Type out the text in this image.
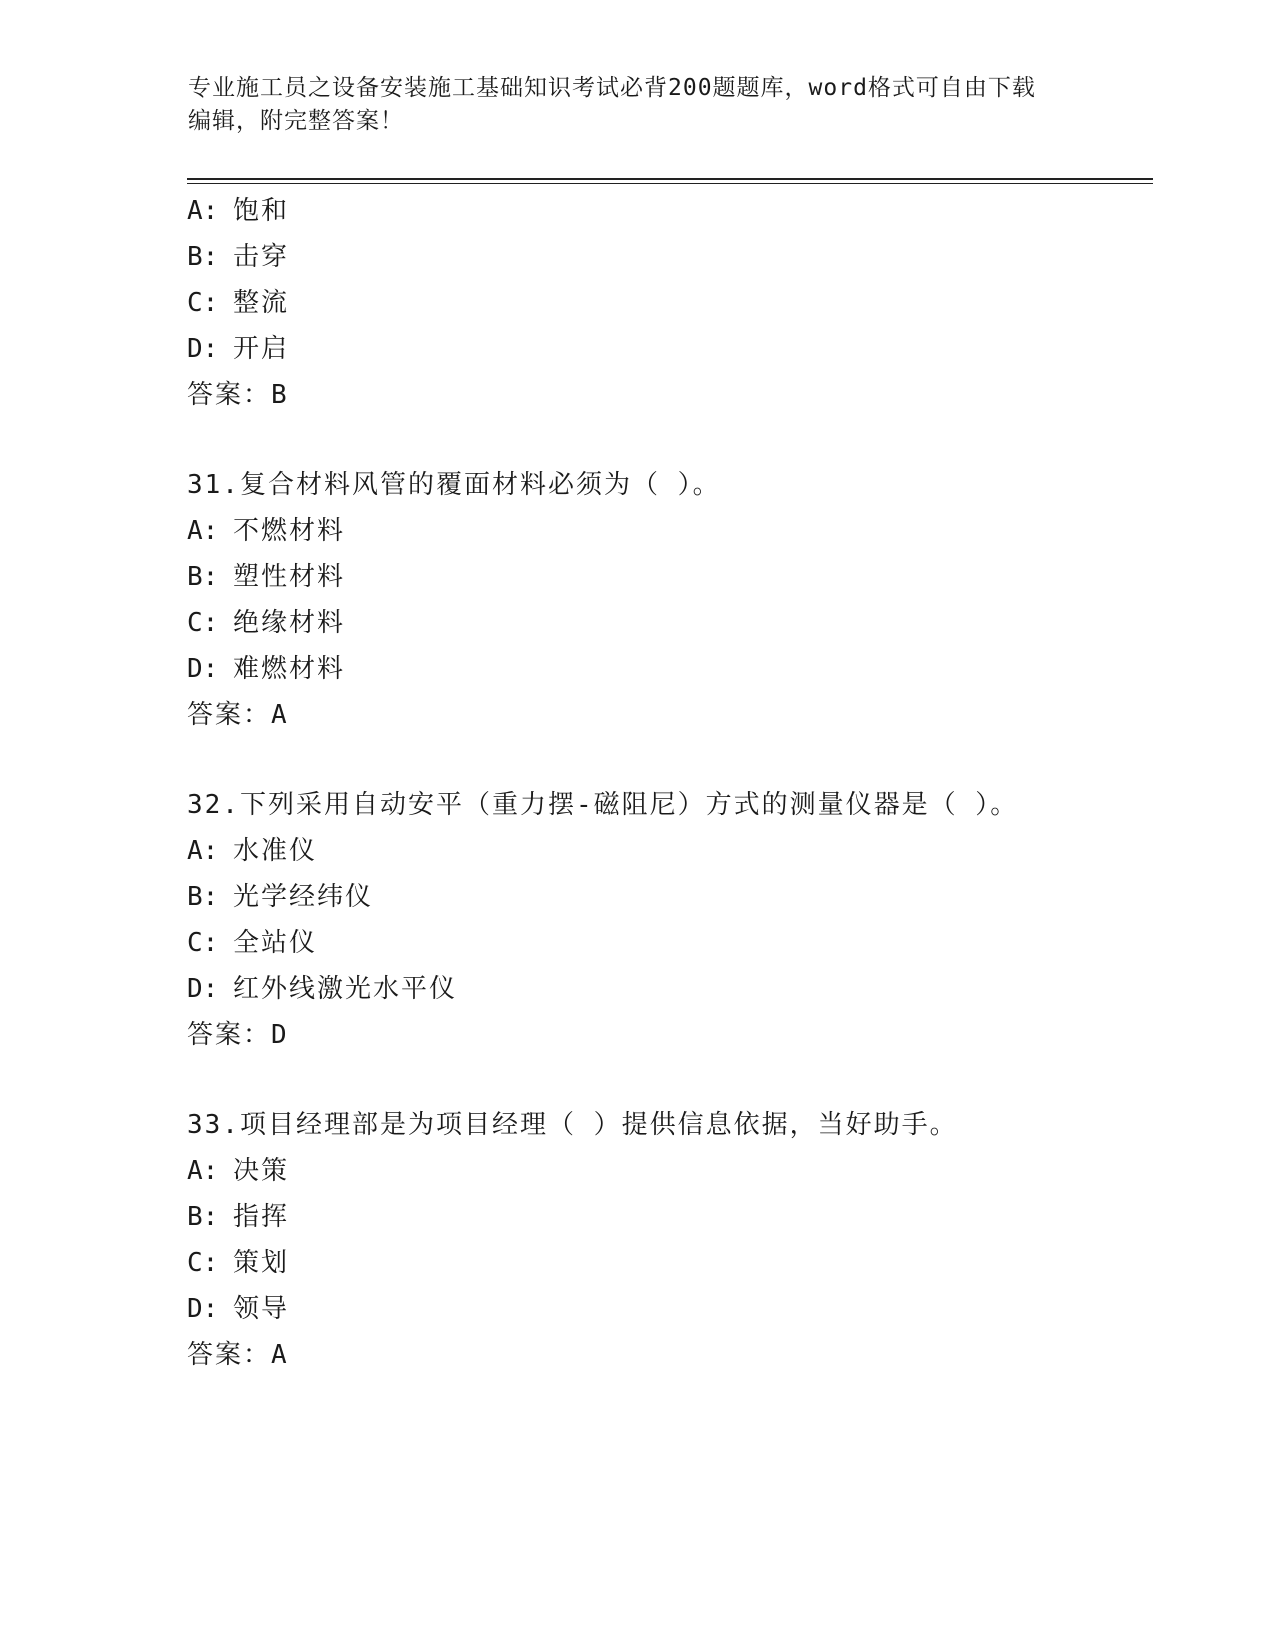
专业施工员之设备安装施工基础知识考试必背200题题库，word格式可自由下载
编辑，附完整答案！
A: 饱和
B: 击穿
C: 整流
D: 开启
答案：B
31.复合材料风管的覆面材料必须为（ ）。
A: 不燃材料
B: 塑性材料
C: 绝缘材料
D: 难燃材料
答案：A
32.下列采用自动安平（重力摆-磁阻尼）方式的测量仪器是（ ）。
A: 水准仪
B: 光学经纬仪
C: 全站仪
D: 红外线激光水平仪
答案：D
33.项目经理部是为项目经理（ ）提供信息依据，当好助手。
A: 决策
B: 指挥
C: 策划
D: 领导
答案：A
